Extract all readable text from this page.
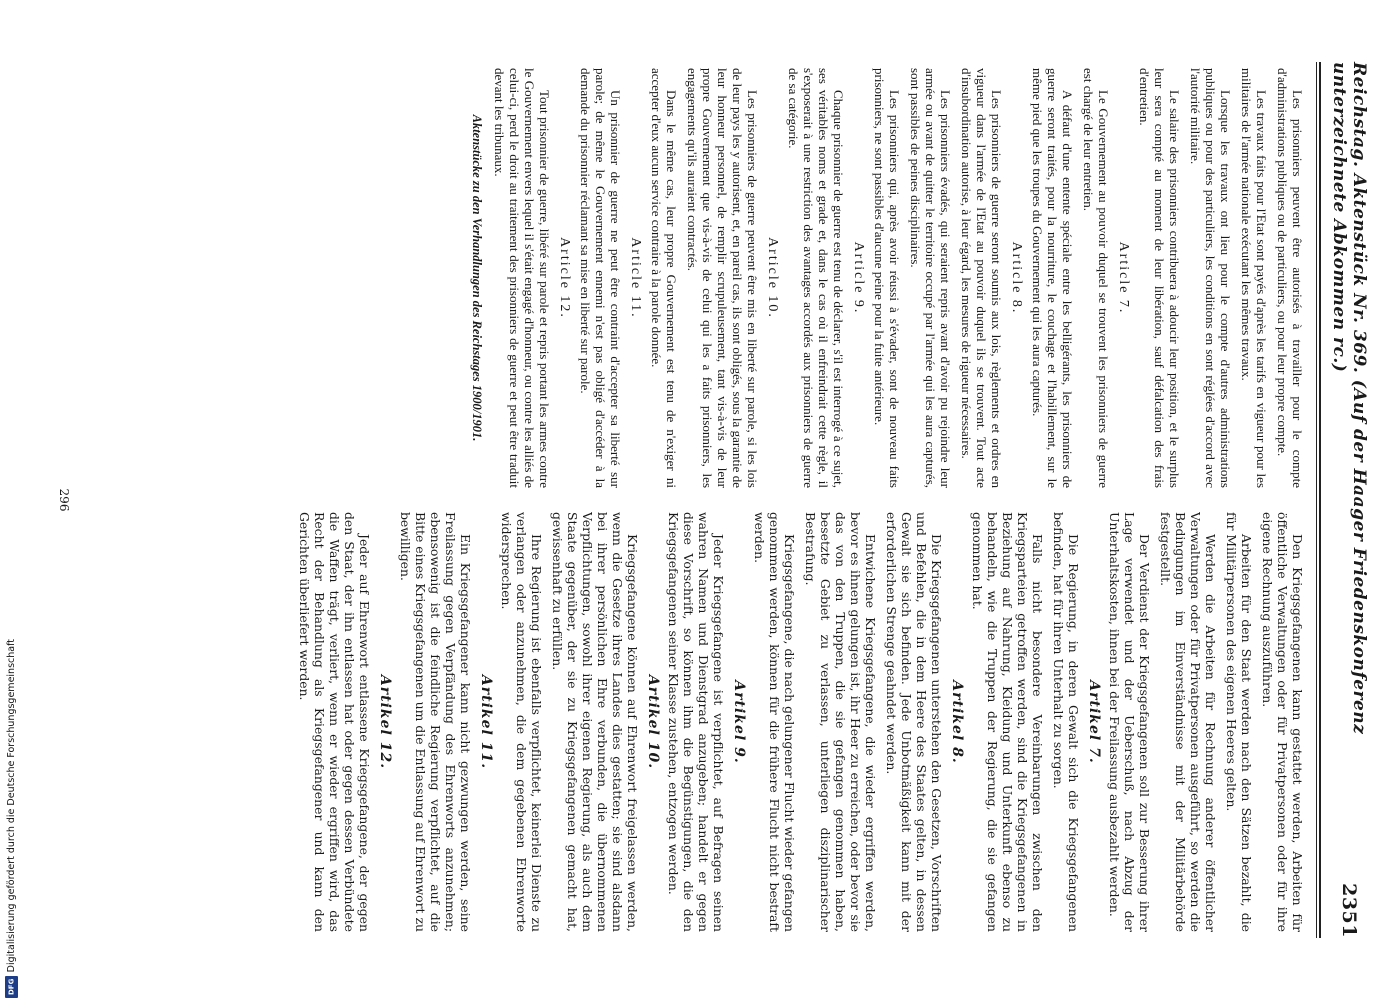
Reichstag. Aktenstück Nr. 369. (Auf der Haager Friedenskonferenz unterzeichnete Abkommen rc.)
2351

Les prisonniers peuvent être autorisés à travailler pour le compte d'administrations publiques ou de particuliers, ou pour leur propre compte.

Les travaux faits pour l'Etat sont payés d'après les tarifs en vigueur pour les militaires de l'armée nationale exécutant les mêmes travaux.

Lorsque les travaux ont lieu pour le compte d'autres administrations publiques ou pour des particuliers, les conditions en sont réglées d'accord avec l'autorité militaire.

Le salaire des prisonniers contribuera à adoucir leur position, et le surplus leur sera compté au moment de leur libération, sauf défalcation des frais d'entretien.

Article 7.

Le Gouvernement au pouvoir duquel se trouvent les prisonniers de guerre est chargé de leur entretien.

A défaut d'une entente spéciale entre les belligérants, les prisonniers de guerre seront traités, pour la nourriture, le couchage et l'habillement, sur le même pied que les troupes du Gouvernement qui les aura capturés.

Article 8.

Les prisonniers de guerre seront soumis aux lois, règlements et ordres en vigueur dans l'armée de l'Etat au pouvoir duquel ils se trouvent. Tout acte d'insubordination autorise, à leur égard, les mesures de rigueur nécessaires.

Les prisonniers évadés, qui seraient repris avant d'avoir pu rejoindre leur armée ou avant de quitter le territoire occupé par l'armée qui les aura capturés, sont passibles de peines disciplinaires.

Les prisonniers qui, après avoir réussi à s'évader, sont de nouveau faits prisonniers, ne sont passibles d'aucune peine pour la fuite antérieure.

Article 9.

Chaque prisonnier de guerre est tenu de déclarer, s'il est interrogé à ce sujet, ses véritables noms et grade et, dans le cas où il enfreindrait cette règle, il s'exposerait à une restriction des avantages accordés aux prisonniers de guerre de sa catégorie.

Article 10.

Les prisonniers de guerre peuvent être mis en liberté sur parole, si les lois de leur pays les y autorisent, et, en pareil cas, ils sont obligés, sous la garantie de leur honneur personnel, de remplir scrupuleusement, tant vis-à-vis de leur propre Gouvernement que vis-à-vis de celui qui les a faits prisonniers, les engagements qu'ils auraient contractés.

Dans le même cas, leur propre Gouvernement est tenu de n'exiger ni accepter d'eux aucun service contraire à la parole donnée.

Article 11.

Un prisonnier de guerre ne peut être contraint d'accepter sa liberté sur parole; de même le Gouvernement ennemi n'est pas obligé d'accéder à la demande du prisonnier réclamant sa mise en liberté sur parole.

Article 12.

Tout prisonnier de guerre, libéré sur parole et repris portant les armes contre le Gouvernement envers lequel il s'était engagé d'honneur, ou contre les alliés de celui-ci, perd le droit au traitement des prisonniers de guerre et peut être traduit devant les tribunaux.

Aktenstücke zu den Verhandlungen des Reichstages 1900/1901.

Den Kriegsgefangenen kann gestattet werden, Arbeiten für öffentliche Verwaltungen oder für Privatpersonen oder für ihre eigene Rechnung auszuführen.

Arbeiten für den Staat werden nach den Sätzen bezahlt, die für Militärpersonen des eigenen Heeres gelten.

Werden die Arbeiten für Rechnung anderer öffentlicher Verwaltungen oder für Privatpersonen ausgeführt, so werden die Bedingungen im Einverständnisse mit der Militärbehörde festgestellt.

Der Verdienst der Kriegsgefangenen soll zur Besserung ihrer Lage verwendet und der Ueberschuß, nach Abzug der Unterhaltskosten, ihnen bei der Freilassung ausbezahlt werden.

Artikel 7.

Die Regierung, in deren Gewalt sich die Kriegsgefangenen befinden, hat für ihren Unterhalt zu sorgen.

Falls nicht besondere Vereinbarungen zwischen den Kriegsparteien getroffen werden, sind die Kriegsgefangenen in Beziehung auf Nahrung, Kleidung und Unterkunft ebenso zu behandeln, wie die Truppen der Regierung, die sie gefangen genommen hat.

Artikel 8.

Die Kriegsgefangenen unterstehen den Gesetzen, Vorschriften und Befehlen, die in dem Heere des Staates gelten, in dessen Gewalt sie sich befinden. Jede Unbotmäßigkeit kann mit der erforderlichen Strenge geahndet werden.

Entwichene Kriegsgefangene, die wieder ergriffen werden, bevor es ihnen gelungen ist, ihr Heer zu erreichen, oder bevor sie das von den Truppen, die sie gefangen genommen haben, besetzte Gebiet zu verlassen, unterliegen disziplinarischer Bestrafung.

Kriegsgefangene, die nach gelungener Flucht wieder gefangen genommen werden, können für die frühere Flucht nicht bestraft werden.

Artikel 9.

Jeder Kriegsgefangene ist verpflichtet, auf Befragen seinen wahren Namen und Dienstgrad anzugeben; handelt er gegen diese Vorschrift, so können ihm die Begünstigungen, die den Kriegsgefangenen seiner Klasse zustehen, entzogen werden.

Artikel 10.

Kriegsgefangene können auf Ehrenwort freigelassen werden, wenn die Gesetze ihres Landes dies gestatten; sie sind alsdann bei ihrer persönlichen Ehre verbunden, die übernommenen Verpflichtungen, sowohl ihrer eigenen Regierung, als auch dem Staate gegenüber, der sie zu Kriegsgefangenen gemacht hat, gewissenhaft zu erfüllen.

Ihre Regierung ist ebenfalls verpflichtet, keinerlei Dienste zu verlangen oder anzunehmen, die dem gegebenen Ehrenworte widersprechen.

Artikel 11.

Ein Kriegsgefangener kann nicht gezwungen werden, seine Freilassung gegen Verpfändung des Ehrenworts anzunehmen; ebensowenig ist die feindliche Regierung verpflichtet, auf die Bitte eines Kriegsgefangenen um die Entlassung auf Ehrenwort zu bewilligen.

Artikel 12.

Jeder auf Ehrenwort entlassene Kriegsgefangene, der gegen den Staat, der ihn entlassen hat oder gegen dessen Verbündete die Waffen trägt, verliert, wenn er wieder ergriffen wird, das Recht der Behandlung als Kriegsgefangener und kann den Gerichten überliefert werden.

296
Digitalisierung gefördert durch die Deutsche Forschungsgemeinschaft
DFG
